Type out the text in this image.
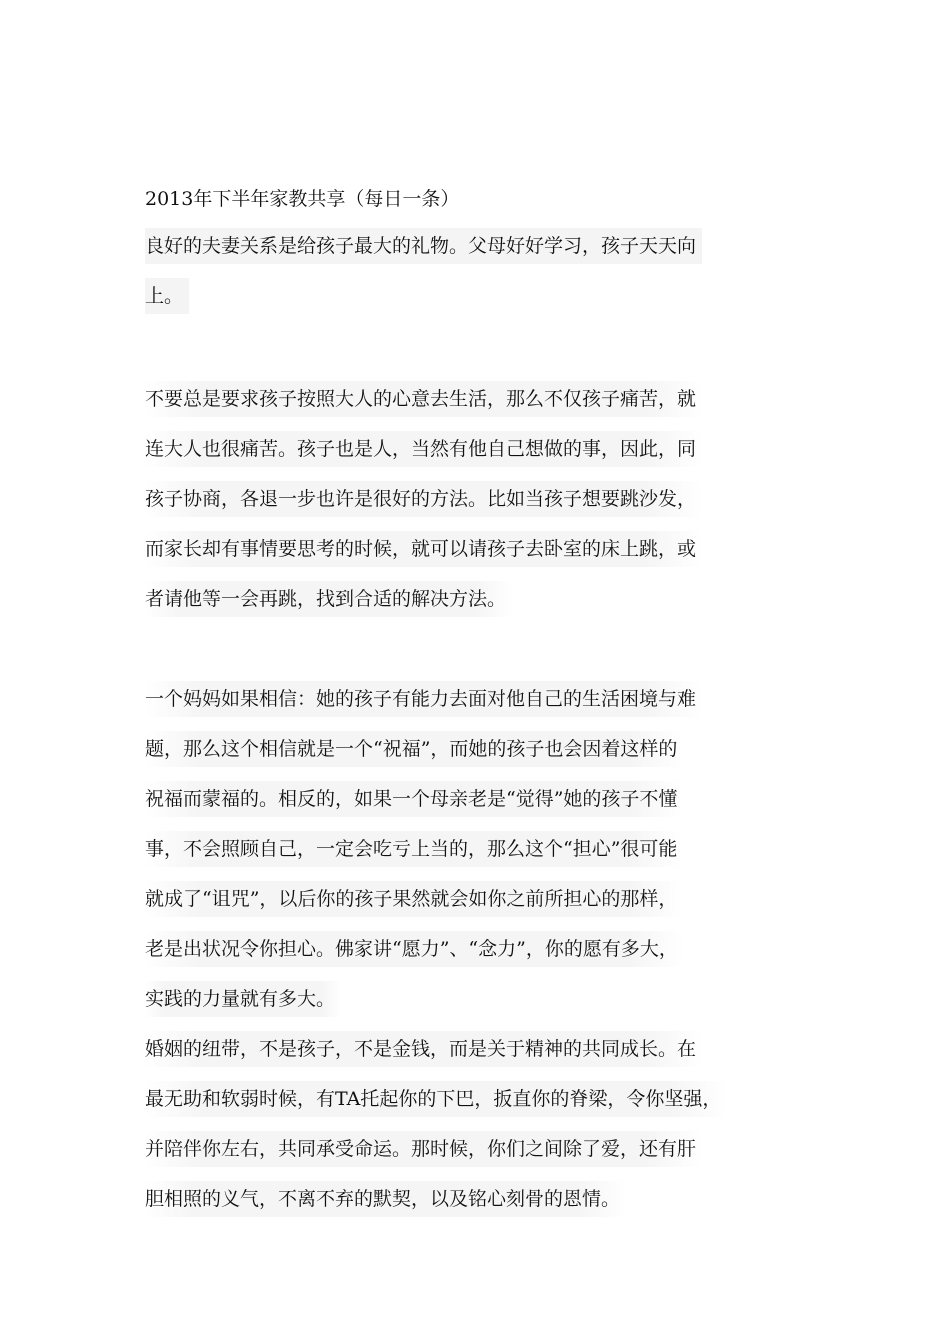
2013年下半年家教共享（每日一条）
良好的夫妻关系是给孩子最大的礼物。父母好好学习，孩子天天向
上。
不要总是要求孩子按照大人的心意去生活，那么不仅孩子痛苦，就
连大人也很痛苦。孩子也是人，当然有他自己想做的事，因此，同
孩子协商，各退一步也许是很好的方法。比如当孩子想要跳沙发，
而家长却有事情要思考的时候，就可以请孩子去卧室的床上跳，或
者请他等一会再跳，找到合适的解决方法。
一个妈妈如果相信：她的孩子有能力去面对他自己的生活困境与难
题，那么这个相信就是一个“祝福”，而她的孩子也会因着这样的
祝福而蒙福的。相反的，如果一个母亲老是“觉得”她的孩子不懂
事，不会照顾自己，一定会吃亏上当的，那么这个“担心”很可能
就成了“诅咒”，以后你的孩子果然就会如你之前所担心的那样，
老是出状况令你担心。佛家讲“愿力”、“念力”，你的愿有多大，
实践的力量就有多大。
婚姻的纽带，不是孩子，不是金钱，而是关于精神的共同成长。在
最无助和软弱时候，有TA托起你的下巴，扳直你的脊梁，令你坚强，
并陪伴你左右，共同承受命运。那时候，你们之间除了爱，还有肝
胆相照的义气，不离不弃的默契，以及铭心刻骨的恩情。
